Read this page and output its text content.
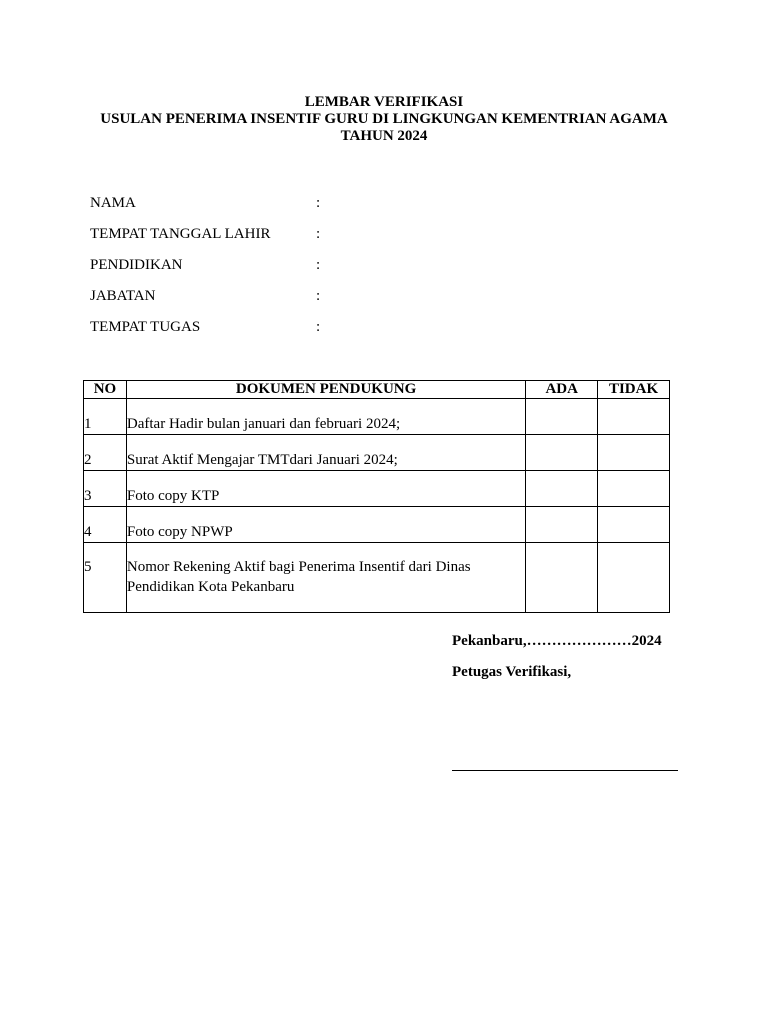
LEMBAR VERIFIKASI
USULAN PENERIMA INSENTIF GURU DI LINGKUNGAN KEMENTRIAN AGAMA
TAHUN 2024
NAMA	:
TEMPAT TANGGAL LAHIR	:
PENDIDIKAN	:
JABATAN	:
TEMPAT TUGAS	:
NO	DOKUMEN PENDUKUNG	ADA	TIDAK
1	Daftar Hadir bulan januari dan februari 2024;		
2	Surat Aktif Mengajar TMTdari Januari 2024;		
3	Foto copy KTP		
4	Foto copy NPWP		
5	Nomor Rekening Aktif bagi Penerima Insentif dari Dinas
Pendidikan Kota Pekanbaru		

Pekanbaru,…………………2024
Petugas Verifikasi,
